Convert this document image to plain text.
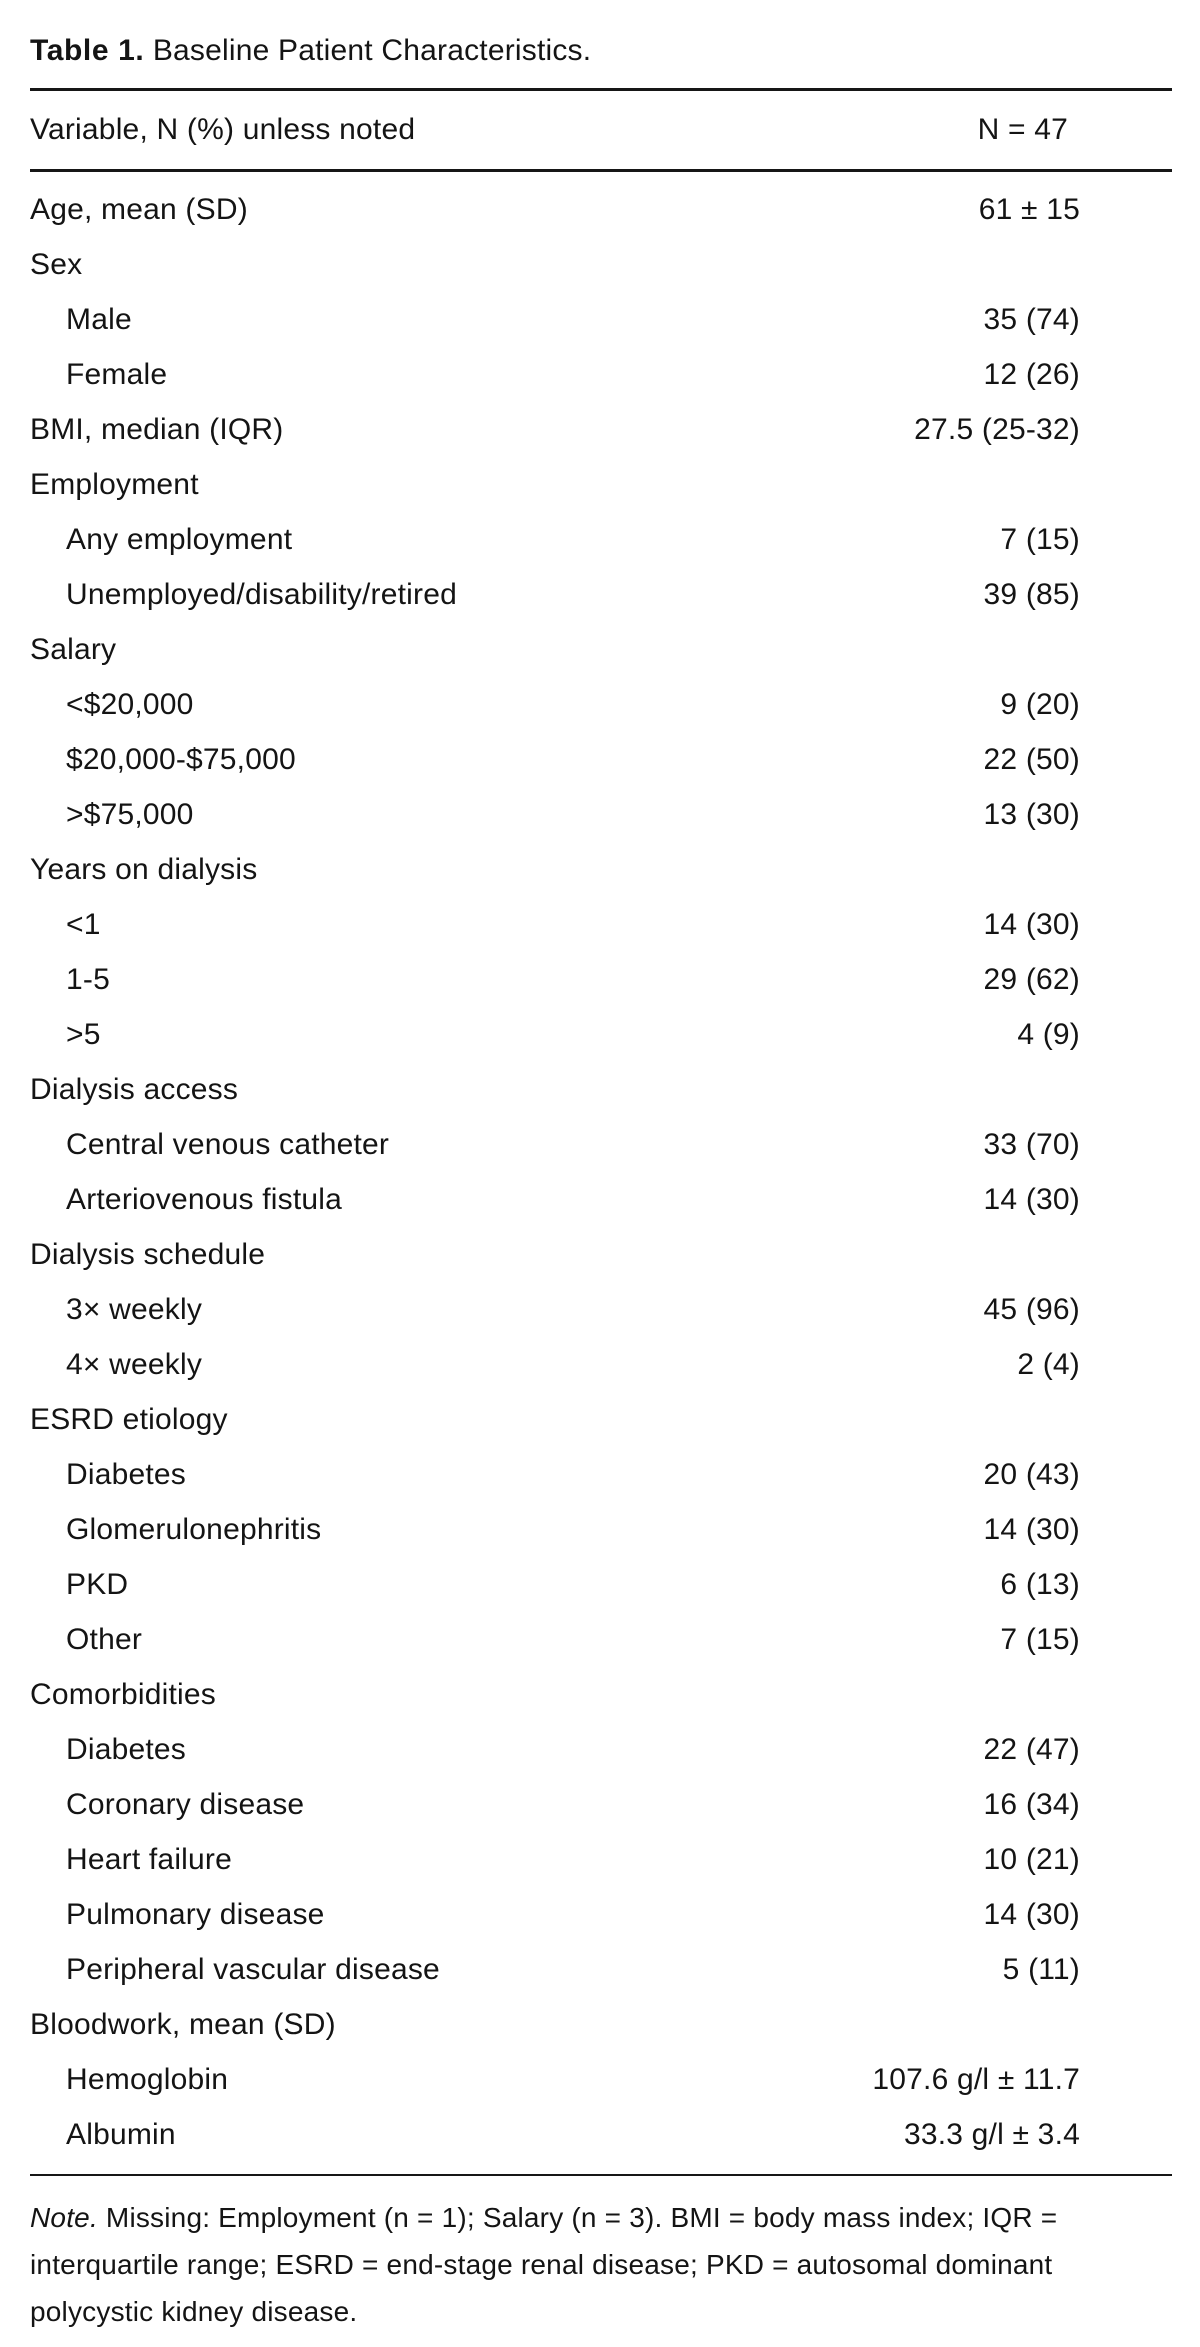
Table 1. Baseline Patient Characteristics.
Variable, N (%) unless noted	N = 47
Age, mean (SD)	61 ± 15
Sex
Male	35 (74)
Female	12 (26)
BMI, median (IQR)	27.5 (25-32)
Employment
Any employment	7 (15)
Unemployed/disability/retired	39 (85)
Salary
<$20,000	9 (20)
$20,000-$75,000	22 (50)
>$75,000	13 (30)
Years on dialysis
<1	14 (30)
1-5	29 (62)
>5	4 (9)
Dialysis access
Central venous catheter	33 (70)
Arteriovenous fistula	14 (30)
Dialysis schedule
3× weekly	45 (96)
4× weekly	2 (4)
ESRD etiology
Diabetes	20 (43)
Glomerulonephritis	14 (30)
PKD	6 (13)
Other	7 (15)
Comorbidities
Diabetes	22 (47)
Coronary disease	16 (34)
Heart failure	10 (21)
Pulmonary disease	14 (30)
Peripheral vascular disease	5 (11)
Bloodwork, mean (SD)
Hemoglobin	107.6 g/l ± 11.7
Albumin	33.3 g/l ± 3.4
Note. Missing: Employment (n = 1); Salary (n = 3). BMI = body mass index; IQR = interquartile range; ESRD = end-stage renal disease; PKD = autosomal dominant polycystic kidney disease.
